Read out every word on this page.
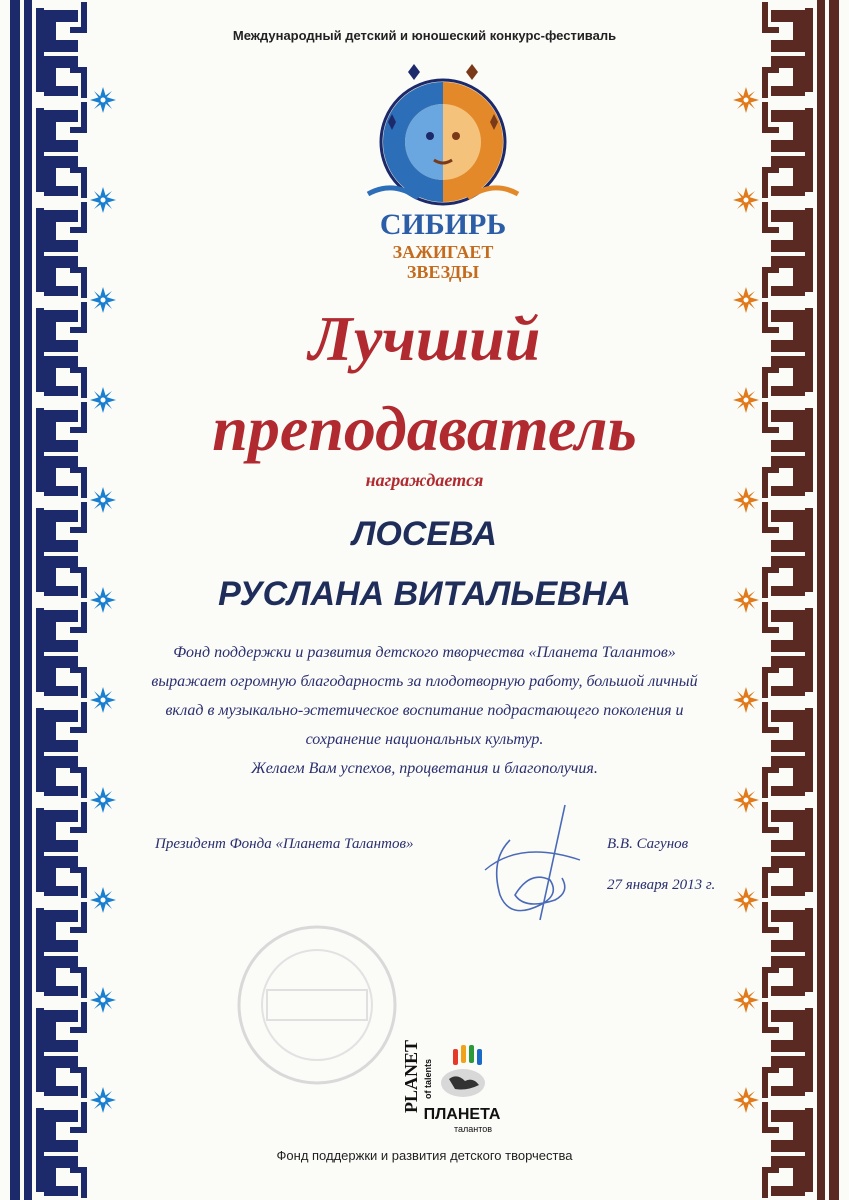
Международный детский и юношеский конкурс-фестиваль
СИБИРЬ
ЗАЖИГАЕТ
ЗВЕЗДЫ
Лучший
преподаватель
награждается
ЛОСЕВА
РУСЛАНА ВИТАЛЬЕВНА
Фонд поддержки и развития детского творчества «Планета Талантов»
выражает огромную благодарность за плодотворную работу, большой личный
вклад в музыкально-эстетическое воспитание подрастающего поколения и
сохранение национальных культур.
Желаем Вам успехов, процветания и благополучия.
Президент Фонда «Планета Талантов»	В.В. Сагунов
27 января 2013 г.
PLANET of talents
ПЛАНЕТА
талантов
Фонд поддержки и развития детского творчества
